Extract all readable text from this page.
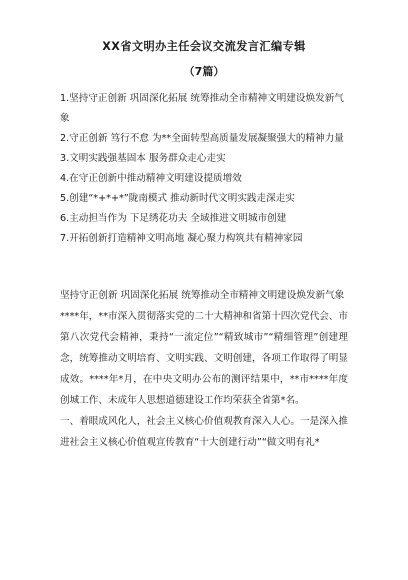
XX省文明办主任会议交流发言汇编专辑
（7篇）
1.坚持守正创新 巩固深化拓展 统筹推动全市精神文明建设焕发新气象
2.守正创新 笃行不怠 为**全面转型高质量发展凝聚强大的精神力量
3.文明实践强基固本 服务群众走心走实
4.在守正创新中推动精神文明建设提质增效
5.创建“*+*+*”陇南模式 推动新时代文明实践走深走实
6.主动担当作为 下足绣花功夫 全域推进文明城市创建
7.开拓创新打造精神文明高地 凝心聚力构筑共有精神家园

坚持守正创新 巩固深化拓展 统筹推动全市精神文明建设焕发新气象

****年，**市深入贯彻落实党的二十大精神和省第十四次党代会、市第八次党代会精神，秉持“一流定位”“精致城市”“精细管理”创建理念，统筹推动文明培育、文明实践、文明创建，各项工作取得了明显成效。****年*月，在中央文明办公布的测评结果中，**市****年度创城工作、未成年人思想道德建设工作均荣获全省第*名。

一、着眼成风化人，社会主义核心价值观教育深入人心。一是深入推进社会主义核心价值观宣传教育“十大创建行动”“做文明有礼*
